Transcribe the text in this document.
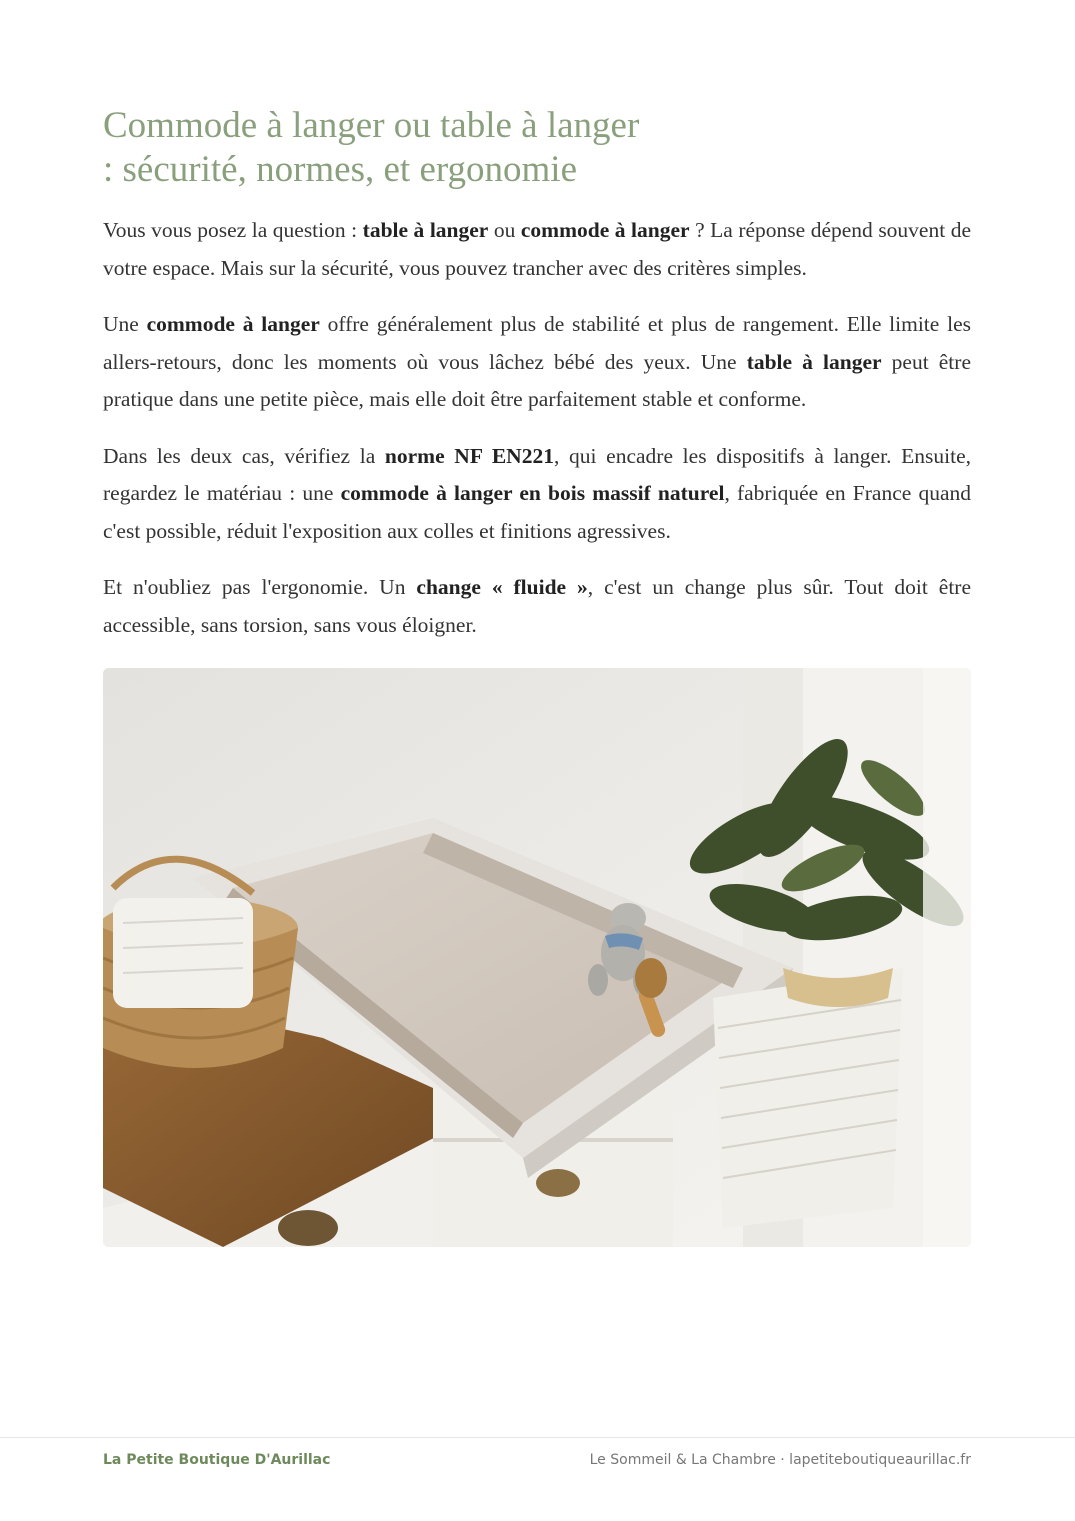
Commode à langer ou table à langer
: sécurité, normes, et ergonomie

Vous vous posez la question : table à langer ou commode à langer ? La réponse dépend souvent de votre espace. Mais sur la sécurité, vous pouvez trancher avec des critères simples.

Une commode à langer offre généralement plus de stabilité et plus de rangement. Elle limite les allers-retours, donc les moments où vous lâchez bébé des yeux. Une table à langer peut être pratique dans une petite pièce, mais elle doit être parfaitement stable et conforme.

Dans les deux cas, vérifiez la norme NF EN221, qui encadre les dispositifs à langer. Ensuite, regardez le matériau : une commode à langer en bois massif naturel, fabriquée en France quand c'est possible, réduit l'exposition aux colles et finitions agressives.

Et n'oubliez pas l'ergonomie. Un change « fluide », c'est un change plus sûr. Tout doit être accessible, sans torsion, sans vous éloigner.

La Petite Boutique D'Aurillac	Le Sommeil & La Chambre · lapetiteboutiqueaurillac.fr
